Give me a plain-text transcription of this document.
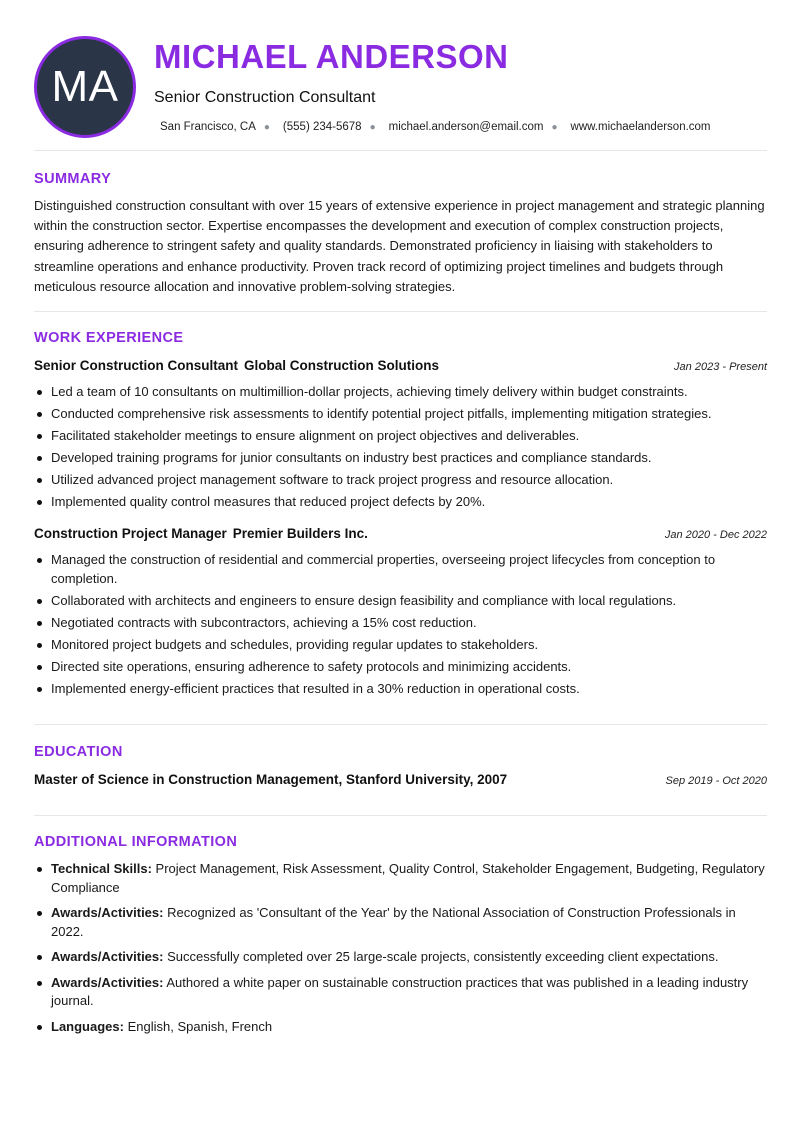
MA
MICHAEL ANDERSON
Senior Construction Consultant
San Francisco, CA ● (555) 234-5678 ● michael.anderson@email.com ● www.michaelanderson.com
SUMMARY
Distinguished construction consultant with over 15 years of extensive experience in project management and strategic planning within the construction sector. Expertise encompasses the development and execution of complex construction projects, ensuring adherence to stringent safety and quality standards. Demonstrated proficiency in liaising with stakeholders to streamline operations and enhance productivity. Proven track record of optimizing project timelines and budgets through meticulous resource allocation and innovative problem-solving strategies.
WORK EXPERIENCE
Senior Construction Consultant Global Construction Solutions	Jan 2023 - Present
Led a team of 10 consultants on multimillion-dollar projects, achieving timely delivery within budget constraints.
Conducted comprehensive risk assessments to identify potential project pitfalls, implementing mitigation strategies.
Facilitated stakeholder meetings to ensure alignment on project objectives and deliverables.
Developed training programs for junior consultants on industry best practices and compliance standards.
Utilized advanced project management software to track project progress and resource allocation.
Implemented quality control measures that reduced project defects by 20%.
Construction Project Manager Premier Builders Inc.	Jan 2020 - Dec 2022
Managed the construction of residential and commercial properties, overseeing project lifecycles from conception to completion.
Collaborated with architects and engineers to ensure design feasibility and compliance with local regulations.
Negotiated contracts with subcontractors, achieving a 15% cost reduction.
Monitored project budgets and schedules, providing regular updates to stakeholders.
Directed site operations, ensuring adherence to safety protocols and minimizing accidents.
Implemented energy-efficient practices that resulted in a 30% reduction in operational costs.
EDUCATION
Master of Science in Construction Management, Stanford University, 2007	Sep 2019 - Oct 2020
ADDITIONAL INFORMATION
Technical Skills: Project Management, Risk Assessment, Quality Control, Stakeholder Engagement, Budgeting, Regulatory Compliance
Awards/Activities: Recognized as 'Consultant of the Year' by the National Association of Construction Professionals in 2022.
Awards/Activities: Successfully completed over 25 large-scale projects, consistently exceeding client expectations.
Awards/Activities: Authored a white paper on sustainable construction practices that was published in a leading industry journal.
Languages: English, Spanish, French
